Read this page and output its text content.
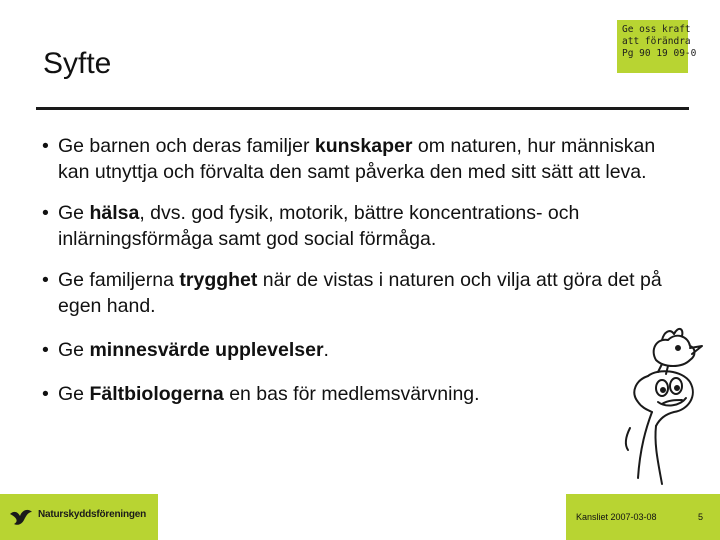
Syfte
Ge oss kraft
att förändra
Pg 90 19 09-0
• Ge barnen och deras familjer kunskaper om naturen, hur människan kan utnyttja och förvalta den samt påverka den med sitt sätt att leva.
• Ge hälsa, dvs. god fysik, motorik, bättre koncentrations- och inlärningsförmåga samt god social förmåga.
• Ge familjerna trygghet när de vistas i naturen och vilja att göra det på egen hand.
• Ge minnesvärde upplevelser.
• Ge Fältbiologerna en bas för medlemsvärvning.
Naturskyddsföreningen	Kansliet 2007-03-08	5
